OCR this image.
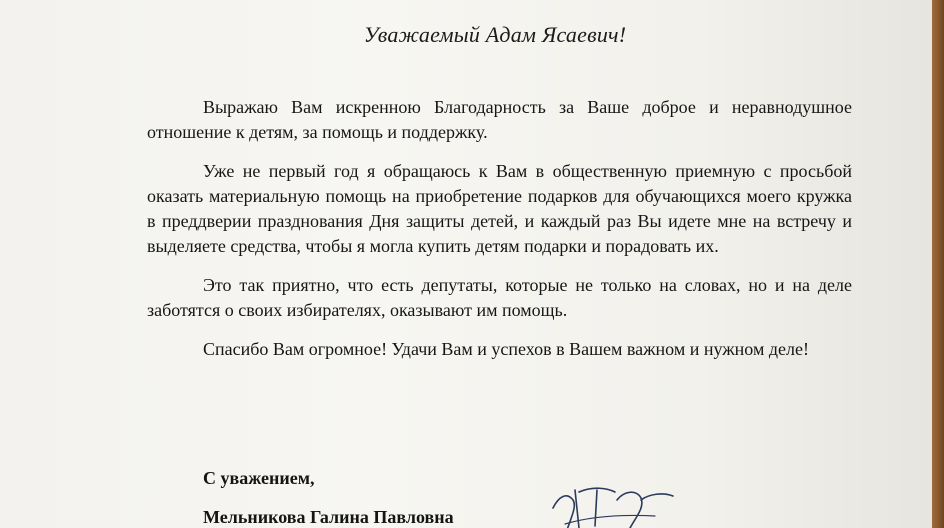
Уважаемый Адам Ясаевич!

Выражаю Вам искренною Благодарность за Ваше доброе и неравнодушное отношение к детям, за помощь и поддержку.

Уже не первый год я обращаюсь к Вам в общественную приемную с просьбой оказать материальную помощь на приобретение подарков для обучающихся моего кружка в преддверии празднования Дня защиты детей, и каждый раз Вы идете мне на встречу и выделяете средства, чтобы я могла купить детям подарки и порадовать их.

Это так приятно, что есть депутаты, которые не только на словах, но и на деле заботятся о своих избирателях, оказывают им помощь.

Спасибо Вам огромное! Удачи Вам и успехов в Вашем важном и нужном деле!

С уважением,
Мельникова Галина Павловна
